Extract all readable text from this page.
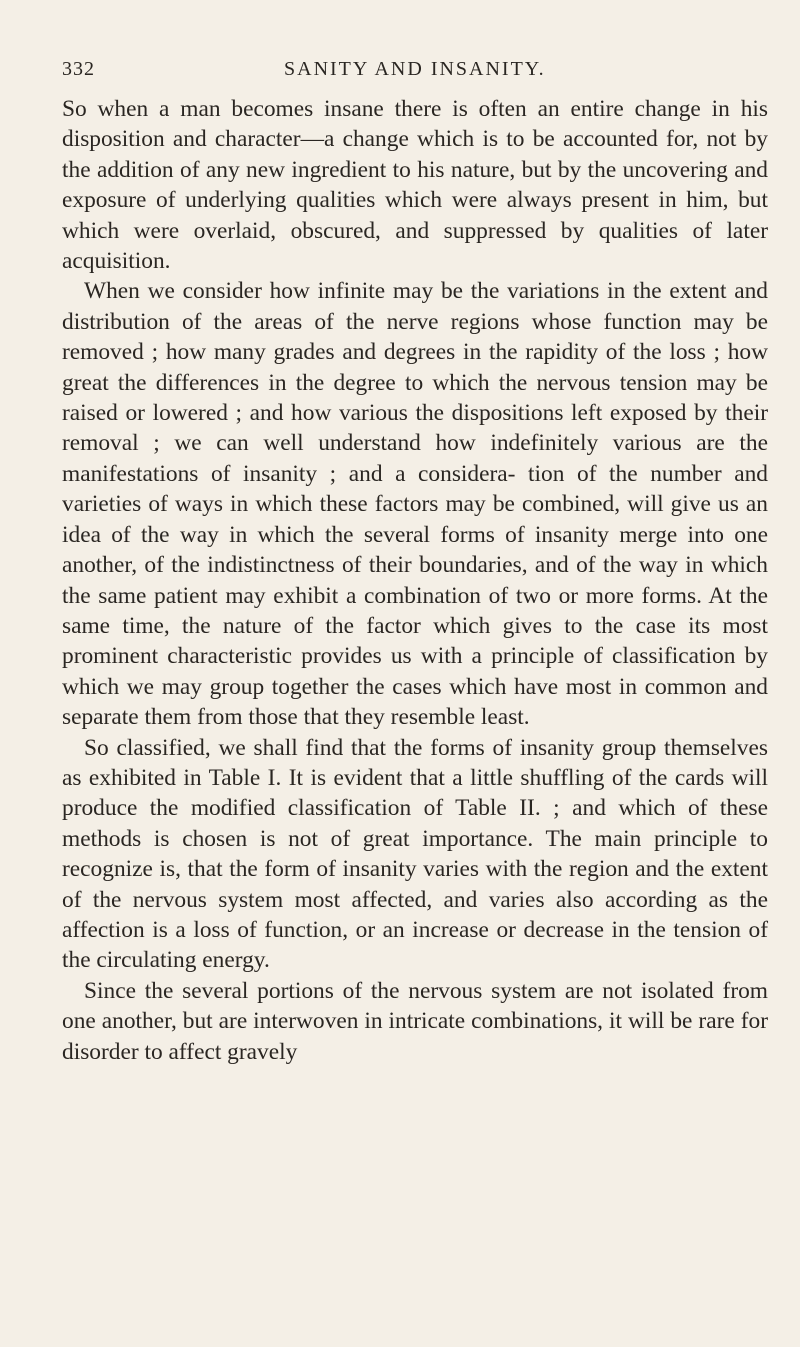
332	SANITY AND INSANITY.

So when a man becomes insane there is often an entire change in his disposition and character—a change which is to be accounted for, not by the addition of any new ingredient to his nature, but by the uncovering and exposure of underlying qualities which were always present in him, but which were overlaid, obscured, and suppressed by qualities of later acquisition.

When we consider how infinite may be the variations in the extent and distribution of the areas of the nerve regions whose function may be removed ; how many grades and degrees in the rapidity of the loss ; how great the differences in the degree to which the nervous tension may be raised or lowered ; and how various the dispositions left exposed by their removal ; we can well understand how indefinitely various are the manifestations of insanity ; and a considera- tion of the number and varieties of ways in which these factors may be combined, will give us an idea of the way in which the several forms of insanity merge into one another, of the indistinctness of their boundaries, and of the way in which the same patient may exhibit a combination of two or more forms. At the same time, the nature of the factor which gives to the case its most prominent characteristic provides us with a principle of classification by which we may group together the cases which have most in common and separate them from those that they resemble least.

So classified, we shall find that the forms of insanity group themselves as exhibited in Table I. It is evident that a little shuffling of the cards will produce the modified classification of Table II. ; and which of these methods is chosen is not of great importance. The main principle to recognize is, that the form of insanity varies with the region and the extent of the nervous system most affected, and varies also according as the affection is a loss of function, or an increase or decrease in the tension of the circulating energy.

Since the several portions of the nervous system are not isolated from one another, but are interwoven in intricate combinations, it will be rare for disorder to affect gravely
